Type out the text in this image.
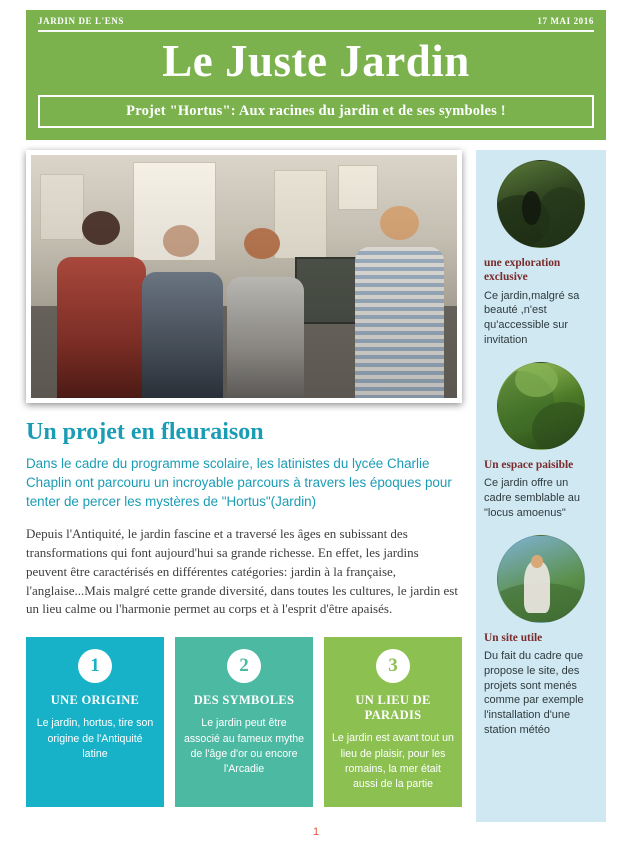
JARDIN DE L'ENS	17 MAI 2016
Le Juste Jardin
Projet "Hortus": Aux racines du jardin et de ses symboles !
Un projet en fleuraison

Dans le cadre du programme scolaire, les latinistes du lycée Charlie Chaplin ont parcouru un incroyable parcours à travers les époques pour tenter de percer les mystères de "Hortus"(Jardin)

Depuis l'Antiquité, le jardin fascine et a traversé les âges en subissant des transformations qui font aujourd'hui sa grande richesse. En effet, les jardins peuvent être caractérisés en différentes catégories: jardin à la française, l'anglaise...Mais malgré cette grande diversité, dans toutes les cultures, le jardin est un lieu calme ou l'harmonie permet au corps et à l'esprit d'être apaisés.

1
UNE ORIGINE
Le jardin, hortus, tire son origine de l'Antiquité latine
2
DES SYMBOLES
Le jardin peut être associé au fameux mythe de l'âge d'or ou encore l'Arcadie
3
UN LIEU DE PARADIS
Le jardin est avant tout un lieu de plaisir, pour les romains, la mer était aussi de la partie
une exploration exclusive

Ce jardin,malgré sa beauté ,n'est qu'accessible sur invitation

Un espace paisible

Ce jardin offre un cadre semblable au "locus amoenus"

Un site utile

Du fait du cadre que propose le site, des projets sont menés comme par exemple l'installation d'une station météo

1
